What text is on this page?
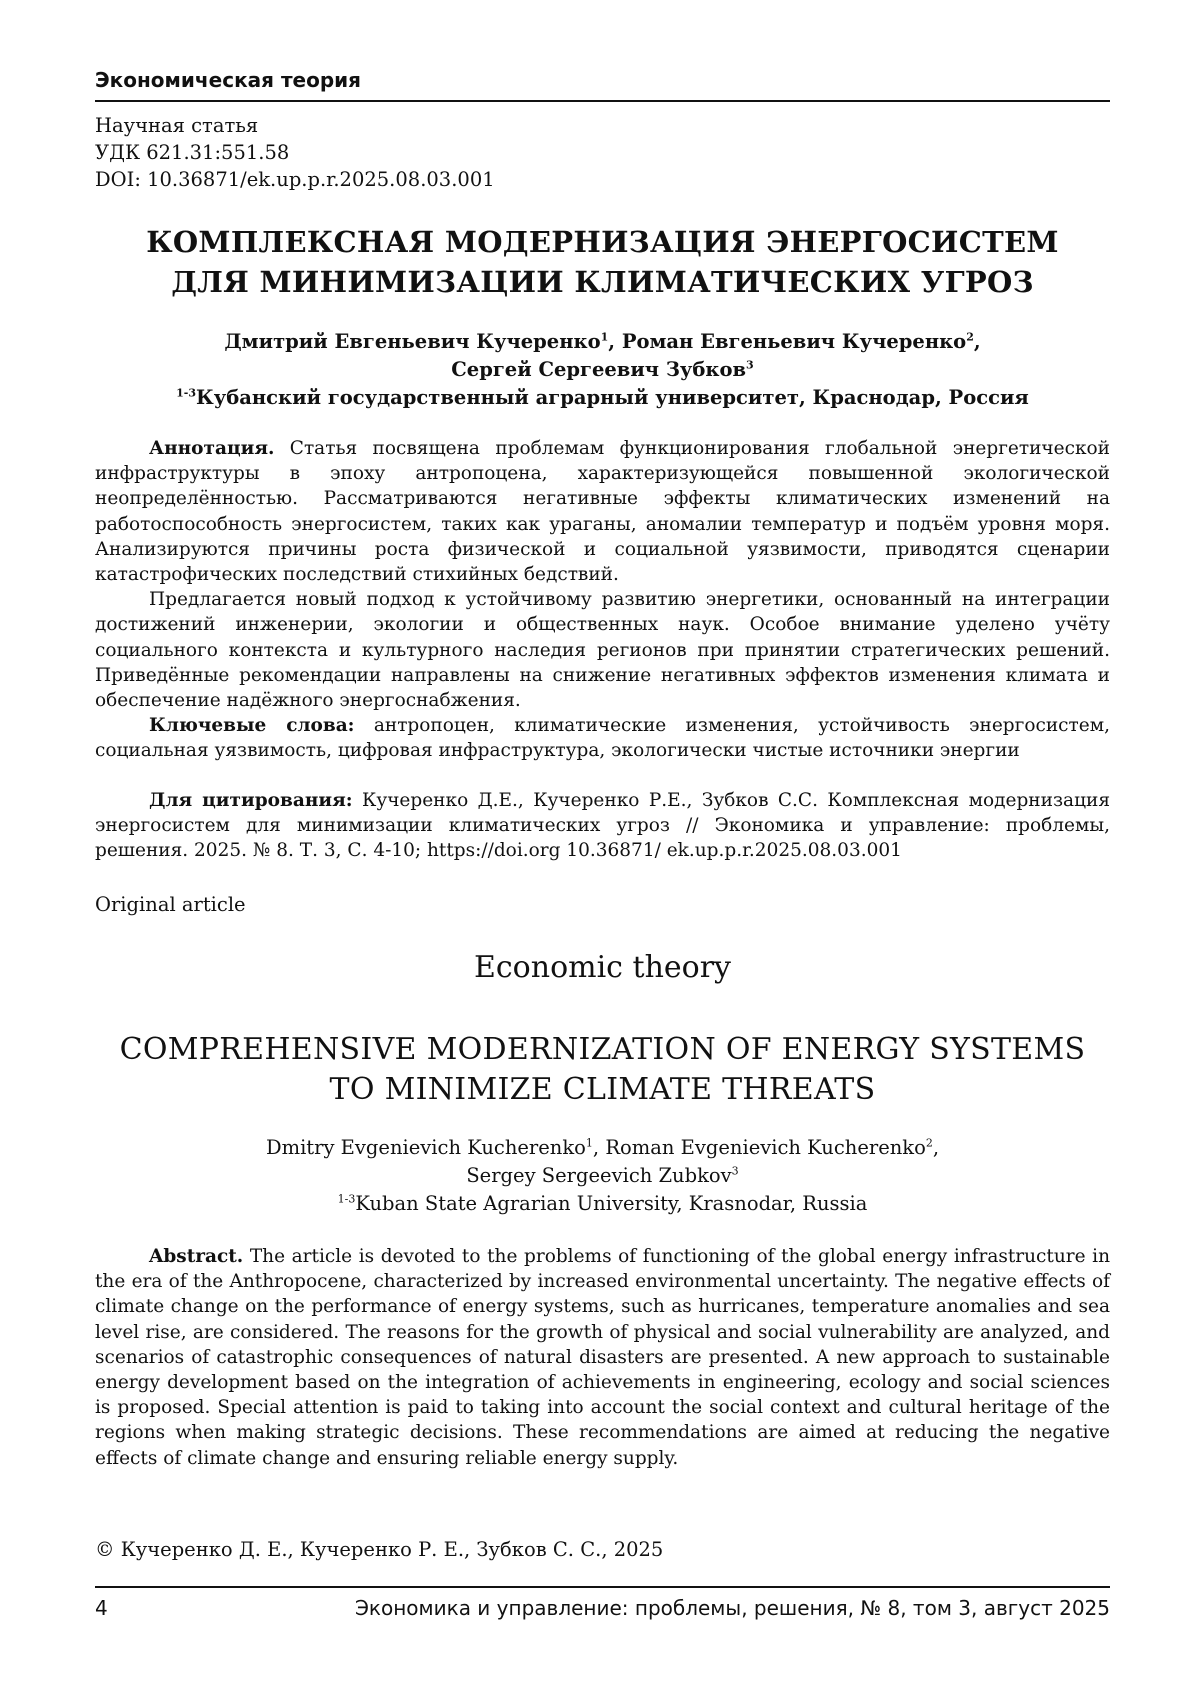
Экономическая теория
Научная статья
УДК 621.31:551.58
DOI: 10.36871/ek.up.p.r.2025.08.03.001
КОМПЛЕКСНАЯ МОДЕРНИЗАЦИЯ ЭНЕРГОСИСТЕМ
ДЛЯ МИНИМИЗАЦИИ КЛИМАТИЧЕСКИХ УГРОЗ
Дмитрий Евгеньевич Кучеренко$^1$, Роман Евгеньевич Кучеренко$^2$,
Сергей Сергеевич Зубков$^3$
$^{1-3}$Кубанский государственный аграрный университет, Краснодар, Россия

Аннотация. Статья посвящена проблемам функционирования глобальной энергетической инфраструктуры в эпоху антропоцена, характеризующейся повышенной экологической неопределённостью. Рассматриваются негативные эффекты климатических изменений на работоспособность энергосистем, таких как ураганы, аномалии температур и подъём уровня моря. Анализируются причины роста физической и социальной уязвимости, приводятся сценарии катастрофических последствий стихийных бедствий.

Предлагается новый подход к устойчивому развитию энергетики, основанный на интеграции достижений инженерии, экологии и общественных наук. Особое внимание уделено учёту социального контекста и культурного наследия регионов при принятии стратегических решений. Приведённые рекомендации направлены на снижение негативных эффектов изменения климата и обеспечение надёжного энергоснабжения.

Ключевые слова: антропоцен, климатические изменения, устойчивость энергосистем, социальная уязвимость, цифровая инфраструктура, экологически чистые источники энергии

Для цитирования: Кучеренко Д.Е., Кучеренко Р.Е., Зубков С.С. Комплексная модернизация энергосистем для минимизации климатических угроз // Экономика и управление: проблемы, решения. 2025. № 8. Т. 3, С. 4-10; https://doi.org 10.36871/ ek.up.p.r.2025.08.03.001

Original article
Economic theory
COMPREHENSIVE MODERNIZATION OF ENERGY SYSTEMS
TO MINIMIZE CLIMATE THREATS
Dmitry Evgenievich Kucherenko$^1$, Roman Evgenievich Kucherenko$^2$,
Sergey Sergeevich Zubkov$^3$
$^{1-3}$Kuban State Agrarian University, Krasnodar, Russia

Abstract. The article is devoted to the problems of functioning of the global energy infrastructure in the era of the Anthropocene, characterized by increased environmental uncertainty. The negative effects of climate change on the performance of energy systems, such as hurricanes, temperature anomalies and sea level rise, are considered. The reasons for the growth of physical and social vulnerability are analyzed, and scenarios of catastrophic consequences of natural disasters are presented. A new approach to sustainable energy development based on the integration of achievements in engineering, ecology and social sciences is proposed. Special attention is paid to taking into account the social context and cultural heritage of the regions when making strategic decisions. These recommendations are aimed at reducing the negative effects of climate change and ensuring reliable energy supply.

© Кучеренко Д. Е., Кучеренко Р. Е., Зубков С. С., 2025
4	Экономика и управление: проблемы, решения, № 8, том 3, август 2025
